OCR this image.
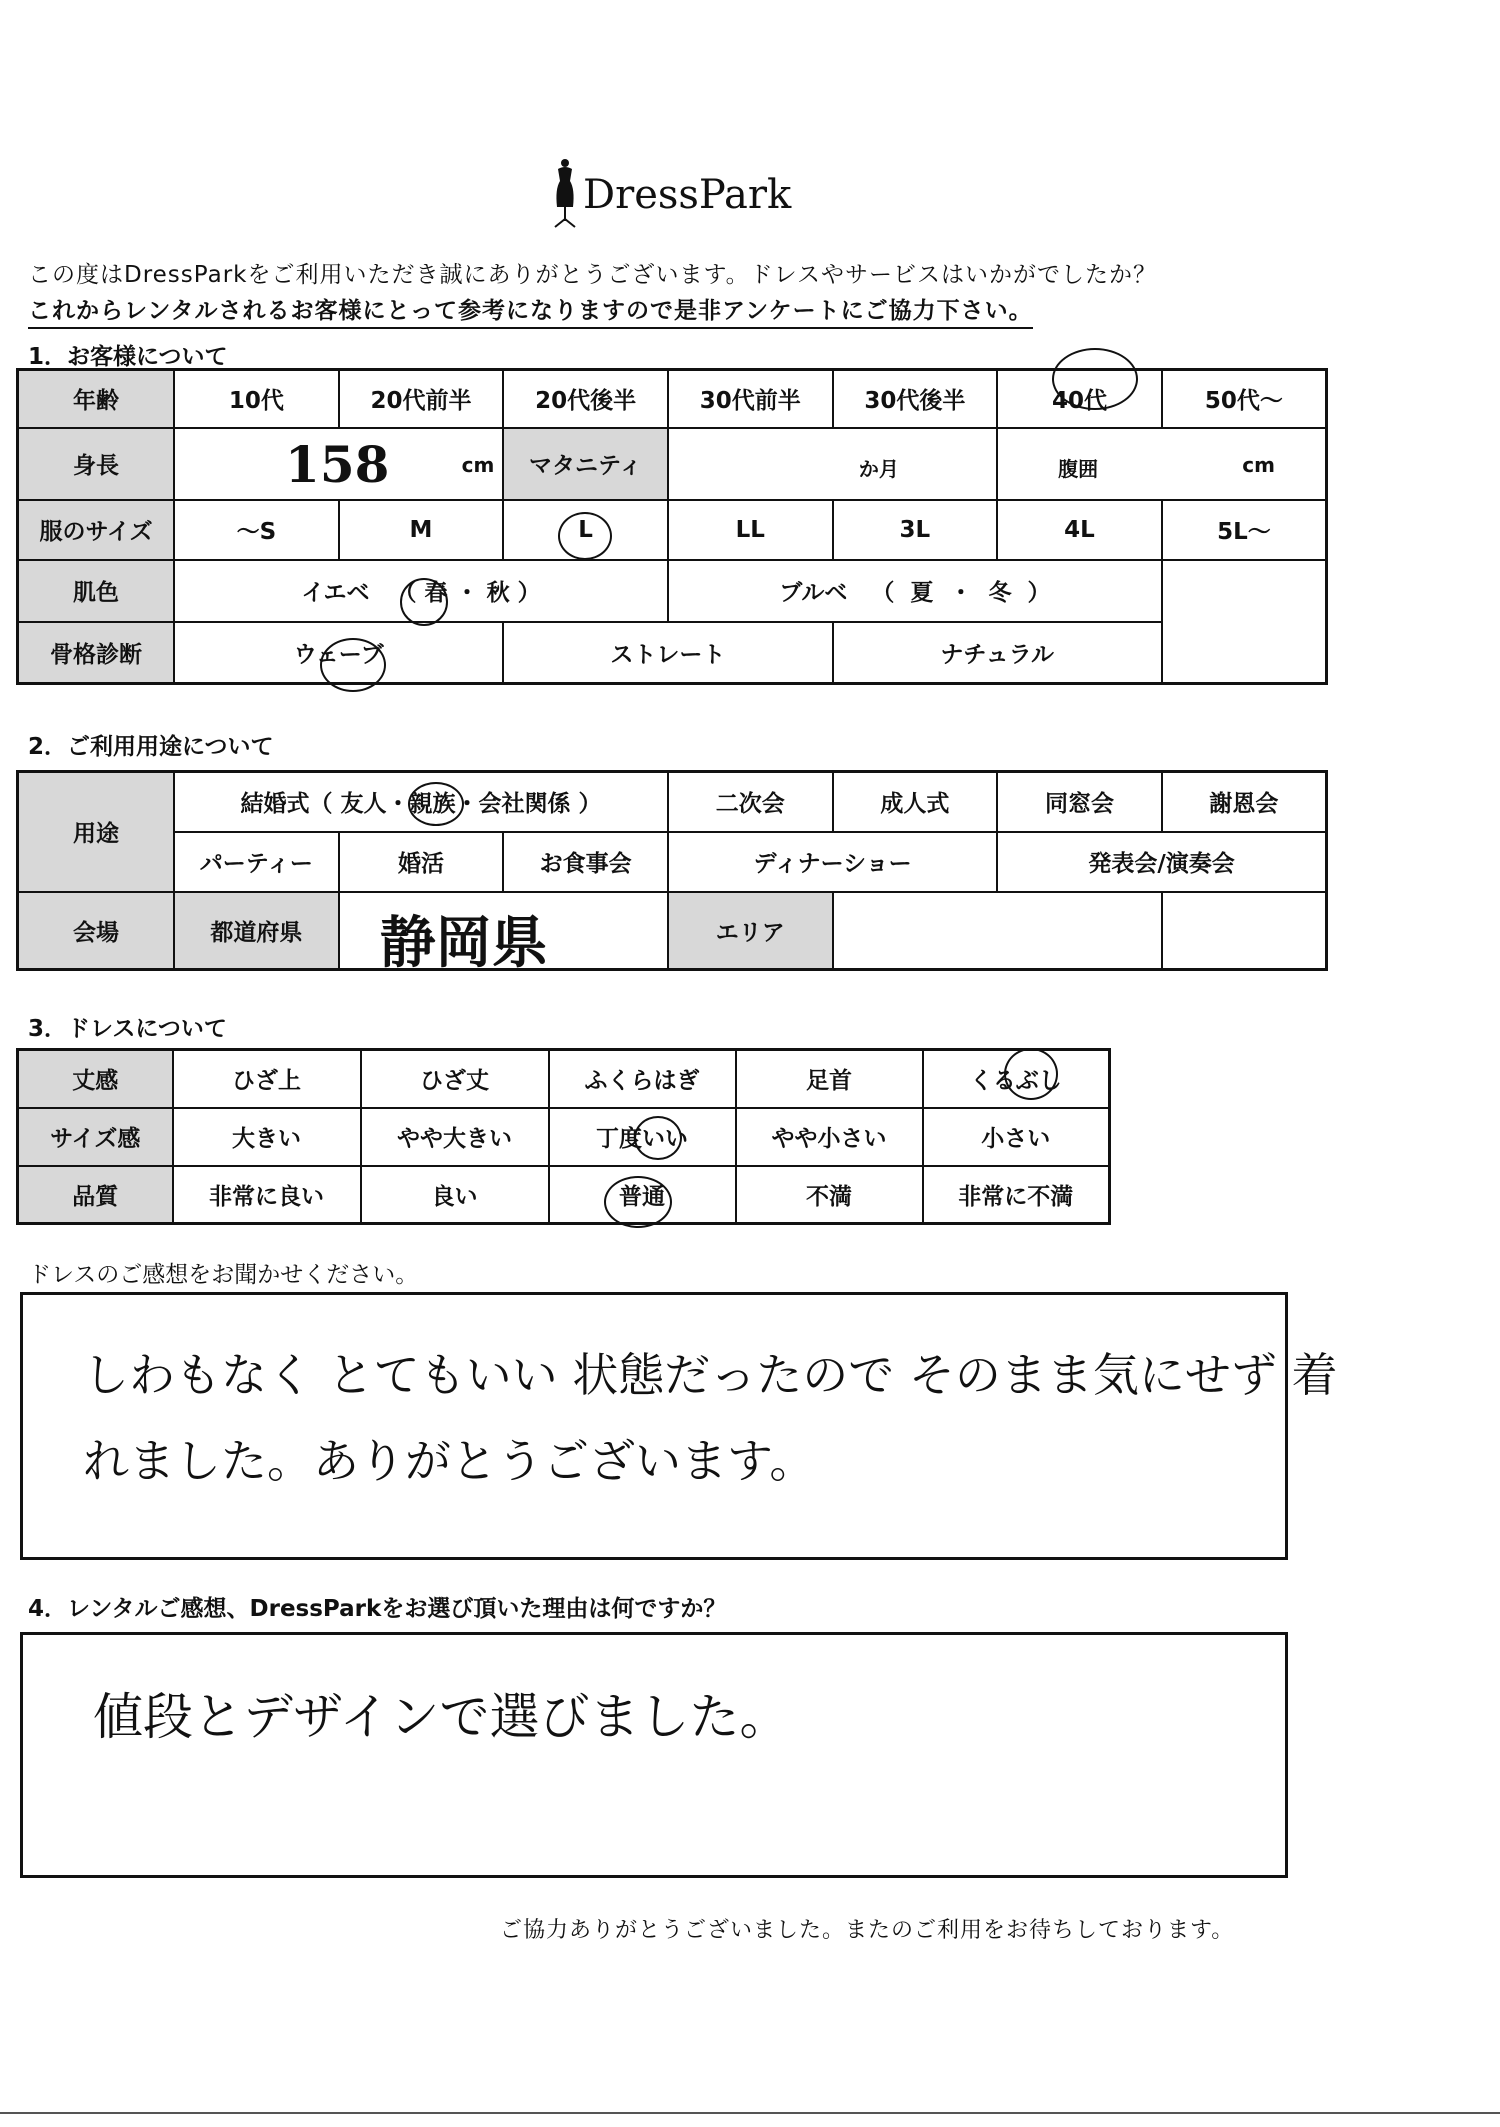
DressPark
この度はDressParkをご利用いただき誠にありがとうございます。ドレスやサービスはいかがでしたか？
これからレンタルされるお客様にとって参考になりますので是非アンケートにご協力下さい。
1．お客様について
年齢	10代	20代前半	20代後半	30代前半	30代後半	40代	50代～
身長	158 cm		マタニティ	か月		腹囲 cm	

服のサイズ	～S	M	L	LL	3L	4L	5L～
肌色	イエベ （ 春 ・ 秋 ）			ブルベ （ 夏 ・ 冬 ）			
骨格診断	ウェーブ		ストレート		ナチュラル		
2．ご利用用途について
用途	結婚式（ 友人・親族・会社関係 ）			二次会	成人式	同窓会	謝恩会
	パーティー	婚活	お食事会	ディナーショー		発表会/演奏会	
会場	都道府県	静岡県		エリア			
3．ドレスについて
丈感	ひざ上	ひざ丈	ふくらはぎ	足首	くるぶし
サイズ感	大きい	やや大きい	丁度いい	やや小さい	小さい
品質	非常に良い	良い	普通	不満	非常に不満
ドレスのご感想をお聞かせください。
しわもなく とてもいい 状態だったので そのまま気にせず 着
れました。ありがとうございます。
4．レンタルご感想、DressParkをお選び頂いた理由は何ですか？
値段とデザインで選びました。
ご協力ありがとうございました。またのご利用をお待ちしております。
